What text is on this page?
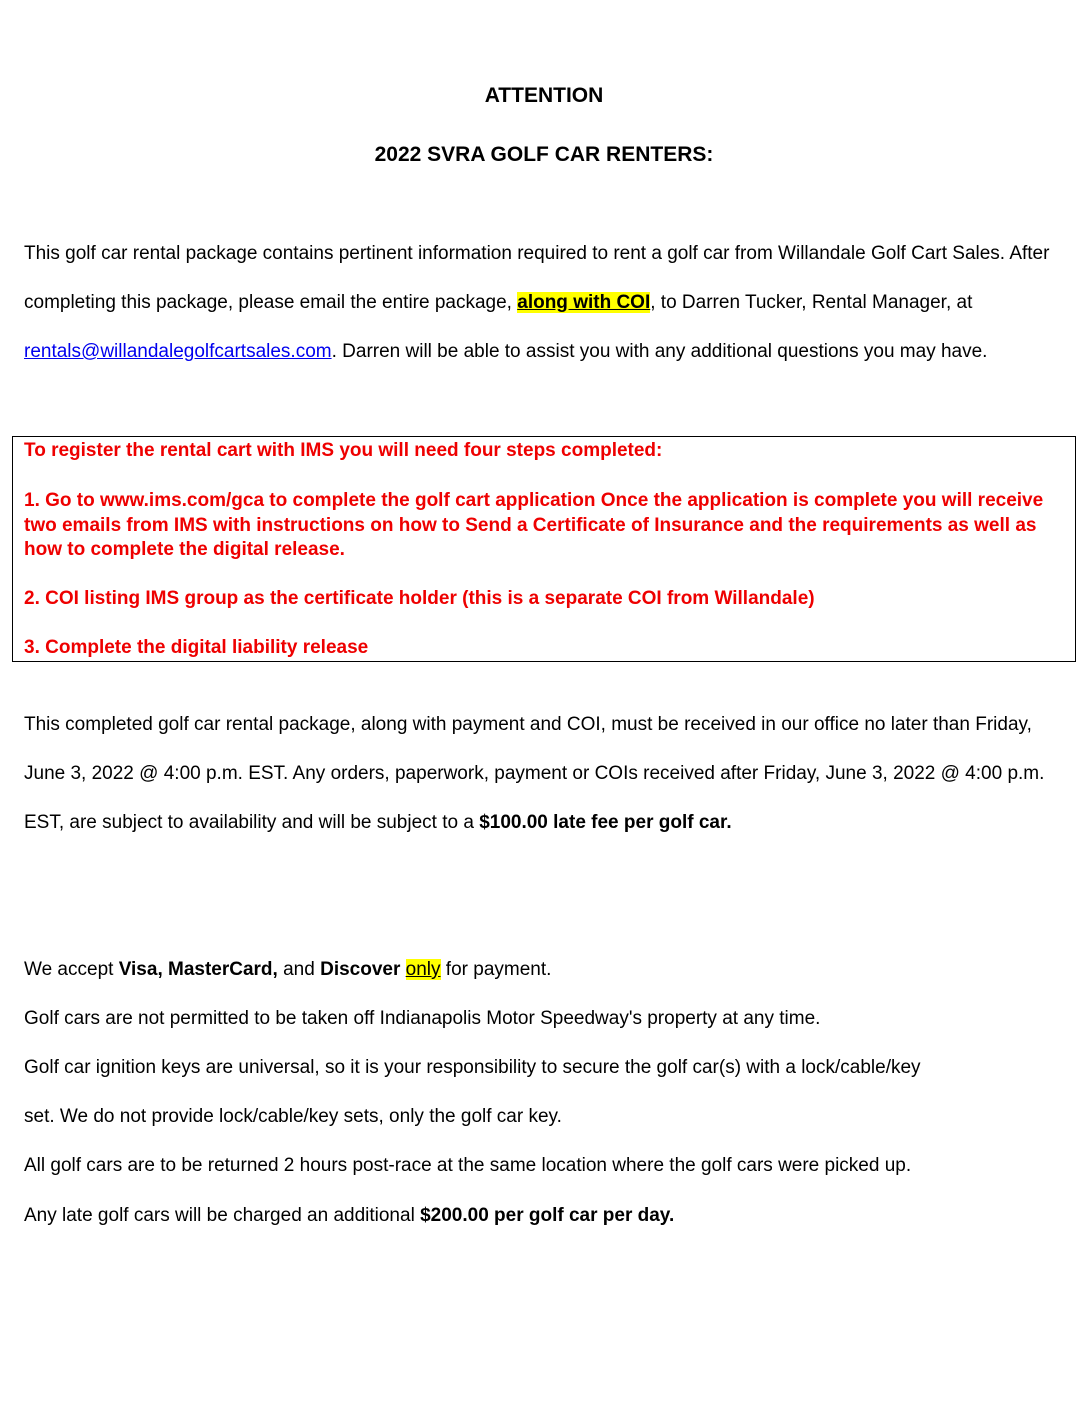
ATTENTION
2022 SVRA GOLF CAR RENTERS:
This golf car rental package contains pertinent information required to rent a golf car from Willandale Golf Cart Sales. After completing this package, please email the entire package, along with COI, to Darren Tucker, Rental Manager, at rentals@willandalegolfcartsales.com. Darren will be able to assist you with any additional questions you may have.
To register the rental cart with IMS you will need four steps completed:
1. Go to www.ims.com/gca to complete the golf cart application Once the application is complete you will receive two emails from IMS with instructions on how to Send a Certificate of Insurance and the requirements as well as how to complete the digital release.
2. COI listing IMS group as the certificate holder (this is a separate COI from Willandale)
3. Complete the digital liability release
This completed golf car rental package, along with payment and COI, must be received in our office no later than Friday, June 3, 2022 @ 4:00 p.m. EST. Any orders, paperwork, payment or COIs received after Friday, June 3, 2022 @ 4:00 p.m. EST, are subject to availability and will be subject to a $100.00 late fee per golf car.
We accept Visa, MasterCard, and Discover only for payment.
Golf cars are not permitted to be taken off Indianapolis Motor Speedway's property at any time.
Golf car ignition keys are universal, so it is your responsibility to secure the golf car(s) with a lock/cable/key
set. We do not provide lock/cable/key sets, only the golf car key.
All golf cars are to be returned 2 hours post-race at the same location where the golf cars were picked up.
Any late golf cars will be charged an additional $200.00 per golf car per day.
